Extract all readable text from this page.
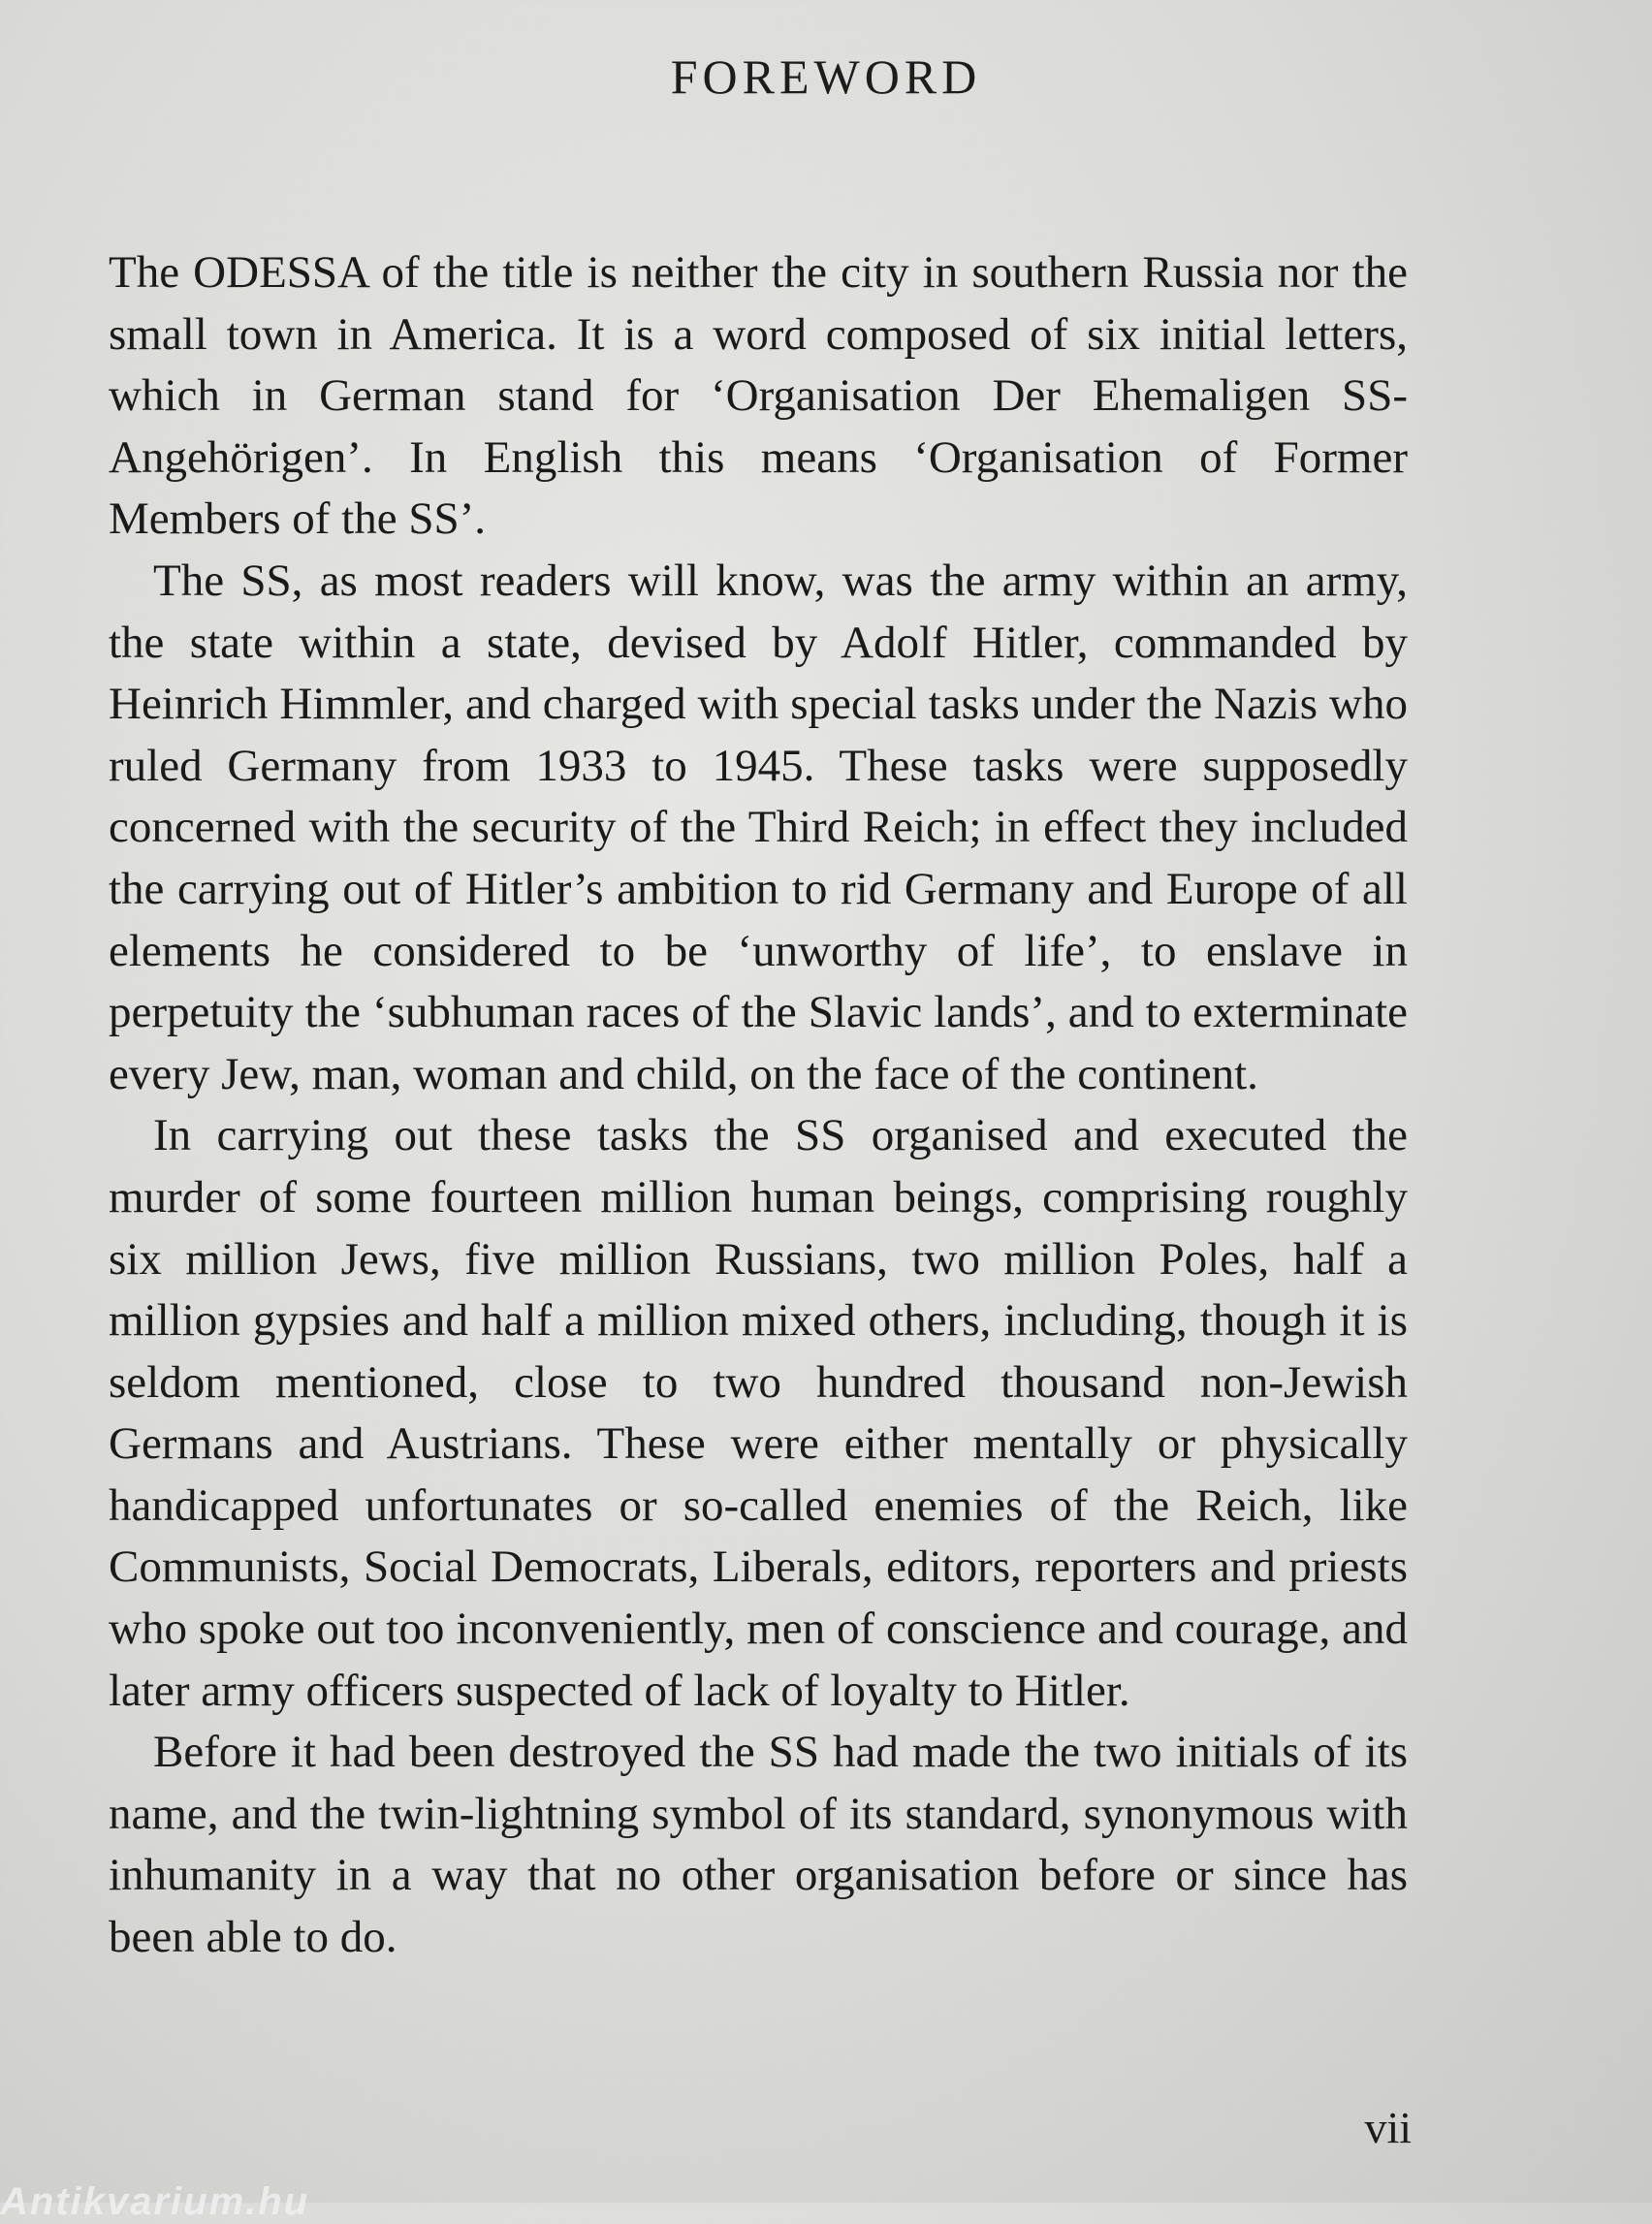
FOREWORD

The ODESSA of the title is neither the city in southern Russia nor the small town in America. It is a word composed of six initial letters, which in German stand for ‘Organisation Der Ehemaligen SS-Angehörigen’. In English this means ‘Organisation of Former Members of the SS’.

The SS, as most readers will know, was the army within an army, the state within a state, devised by Adolf Hitler, commanded by Heinrich Himmler, and charged with special tasks under the Nazis who ruled Germany from 1933 to 1945. These tasks were supposedly concerned with the security of the Third Reich; in effect they included the carrying out of Hitler’s ambition to rid Germany and Europe of all elements he considered to be ‘unworthy of life’, to enslave in perpetuity the ‘subhuman races of the Slavic lands’, and to exterminate every Jew, man, woman and child, on the face of the continent.

In carrying out these tasks the SS organised and executed the murder of some fourteen million human beings, comprising roughly six million Jews, five million Russians, two million Poles, half a million gypsies and half a million mixed others, including, though it is seldom mentioned, close to two hundred thousand non-Jewish Germans and Austrians. These were either mentally or physically handicapped unfortunates or so-called enemies of the Reich, like Communists, Social Democrats, Liberals, editors, reporters and priests who spoke out too inconveniently, men of conscience and courage, and later army officers suspected of lack of loyalty to Hitler.

Before it had been destroyed the SS had made the two initials of its name, and the twin-lightning symbol of its standard, synonymous with inhumanity in a way that no other organisation before or since has been able to do.

vii
Antikvarium.hu
